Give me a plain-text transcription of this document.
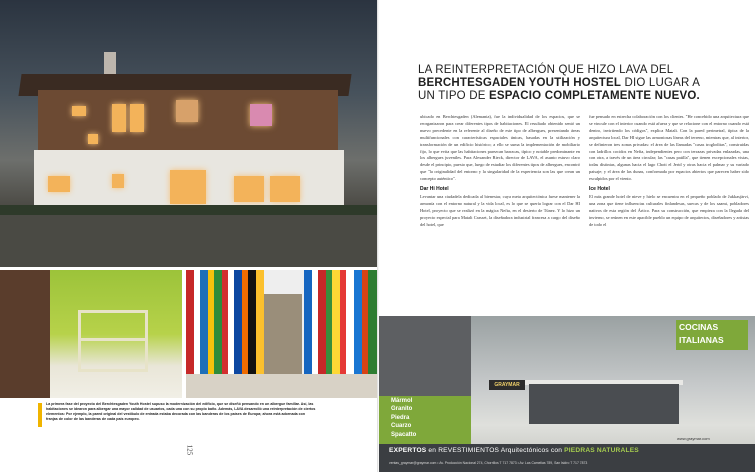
La primera fase del proyecto del Berchtesgaden Youth Hostel supuso la modernización del edificio, que se diseñó pensando en un albergue familiar. Así, las habitaciones se idearon para albergar una mayor calidad de usuarios, cada una con su propio baño. Además, LAVA desarrolló una reinterpretación de ciertos elementos: Por ejemplo, la pared original del vestíbulo de entrada estaba decorada con las banderas de los países de Europa; ahora está adornada con franjas de color de las banderas de cada país europeo.
125
LA REINTERPRETACIÓN QUE HIZO LAVA DEL
BERCHTESGADEN YOUTH HOSTEL DIO LUGAR A
UN TIPO DE ESPACIO COMPLETAMENTE NUEVO.

ubicado en Berchtesgaden (Alemania), fue la individualidad de los espacios, que se reorganizaron para crear diferentes tipos de habitaciones. El resultado obtenido sentó un nuevo precedente en la referente al diseño de este tipo de albergues, presentando áreas multifuncionales con características espaciales únicas, basadas en la utilización y transformación de un edificio histórico; a ello se suma la implementación de mobiliario fijo, lo que evita que las habitaciones parezcan barracas, típico y notable predominante en los albergues juveniles. Para Alexander Rieck, director de LAVA, el asunto estuvo claro desde el principio, puesto que, luego de estudiar los diferentes tipos de albergues, encontró que "la originalidad del entorno y la singularidad de la experiencia son las que crean un concepto auténtico".

Dar Hi Hotel

Levantar una ciudadela dedicada al bienestar, cuya meta arquitectónica fuese mantener la armonía con el entorno natural y la vida local, es lo que se quería lograr con el Dar HI Hotel, proyecto que se realizó en la mágica Nefta, en el desierto de Túnez. Y lo hizo un proyecto especial para Matali Crasset, la diseñadora industrial francesa a cargo del diseño del hotel, que

fue pensado en estrecha colaboración con los clientes. "He concebido una arquitectura que se vincule con el interior cuando está afuera y que se relacione con el entorno cuando está dentro, invirtiendo los códigos", explica Matali. Con la pared perimetral, típica de la arquitectura local, Dar HI sigue las armoniosas líneas del terreno, mientras que, al interior, se definieron tres zonas privadas: el área de las llamadas "casas trogloditas", construidas con ladrillos cocidos en Nefta, independientes pero con terrazas privadas enlazadas, una con otra, a través de un área circular; las "casas patilla", que tienen excepcionales vistas, todas distintas, algunas hacia el lago Chott el Jerid y otras hacia el palmar y su variado paisaje; y el área de las dunas, conformada por espacios abiertos que parecen haber sido esculpidos por el viento.

Ice Hotel

El más grande hotel de nieve y hielo se encuentra en el pequeño poblado de Jukkasjärvi, una zona que tiene influencias culturales finlandesas, suecas y de los saami, pobladores nativos de esta región del Ártico. Para su construcción, que empieza con la llegada del invierno, se reúnen en este apacible pueblo un equipo de arquitectos, diseñadores y artistas de todo el

GRAYMAR
Mármol
Granito
Piedra
Cuarzo
Spacatto
COCINAS
ITALIANAS
www.graymar.com
EXPERTOS en REVESTIMIENTOS Arquitectónicos con PIEDRAS NATURALES
ventas_graymar@graymar.com • Av. Producción Nacional 274, Chorrillos T 717 7873 • Av. Las Camelias 789, San Isidro T 717 7873
